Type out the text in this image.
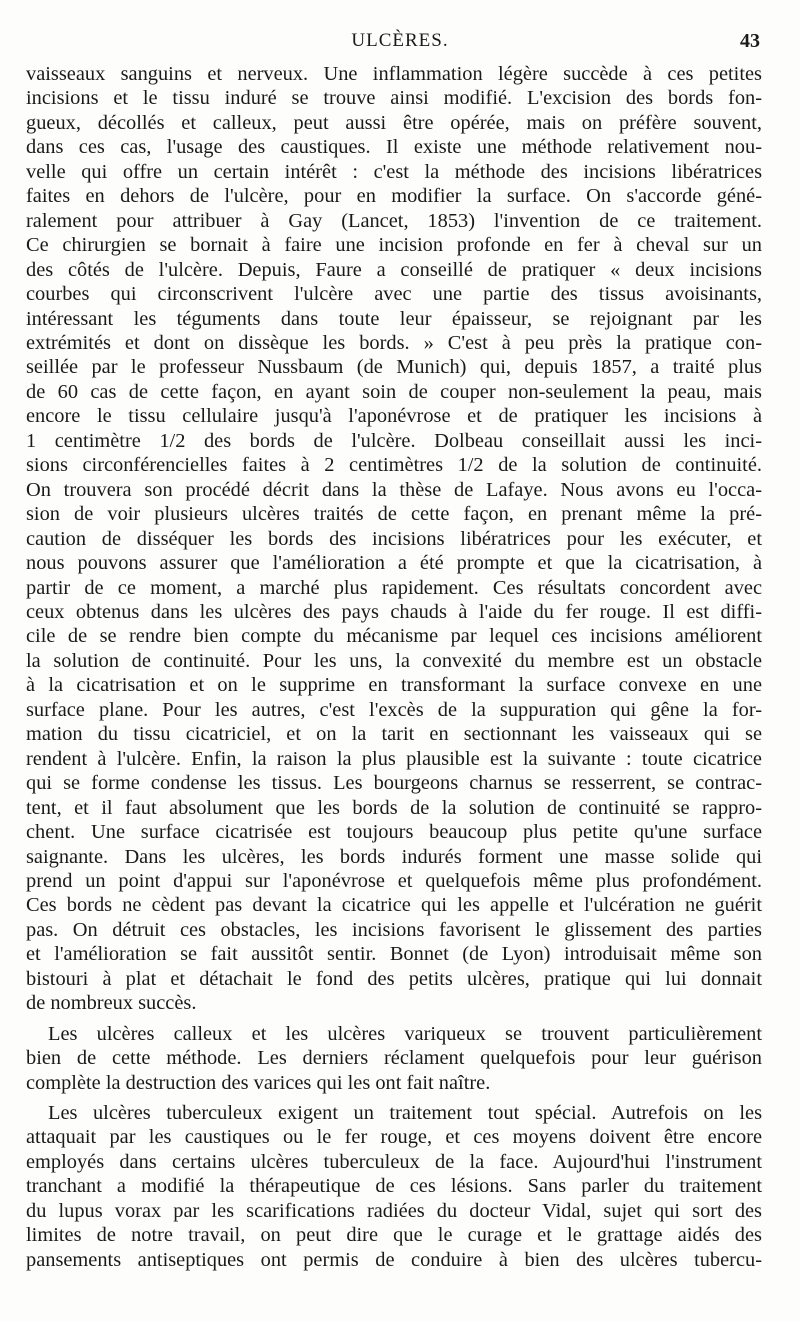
ULCÈRES.	43
vaisseaux sanguins et nerveux. Une inflammation légère succède à ces petites
incisions et le tissu induré se trouve ainsi modifié. L'excision des bords fon-
gueux, décollés et calleux, peut aussi être opérée, mais on préfère souvent,
dans ces cas, l'usage des caustiques. Il existe une méthode relativement nou-
velle qui offre un certain intérêt : c'est la méthode des incisions libératrices
faites en dehors de l'ulcère, pour en modifier la surface. On s'accorde géné-
ralement pour attribuer à Gay (Lancet, 1853) l'invention de ce traitement.
Ce chirurgien se bornait à faire une incision profonde en fer à cheval sur un
des côtés de l'ulcère. Depuis, Faure a conseillé de pratiquer « deux incisions
courbes qui circonscrivent l'ulcère avec une partie des tissus avoisinants,
intéressant les téguments dans toute leur épaisseur, se rejoignant par les
extrémités et dont on dissèque les bords. » C'est à peu près la pratique con-
seillée par le professeur Nussbaum (de Munich) qui, depuis 1857, a traité plus
de 60 cas de cette façon, en ayant soin de couper non-seulement la peau, mais
encore le tissu cellulaire jusqu'à l'aponévrose et de pratiquer les incisions à
1 centimètre 1/2 des bords de l'ulcère. Dolbeau conseillait aussi les inci-
sions circonférencielles faites à 2 centimètres 1/2 de la solution de continuité.
On trouvera son procédé décrit dans la thèse de Lafaye. Nous avons eu l'occa-
sion de voir plusieurs ulcères traités de cette façon, en prenant même la pré-
caution de disséquer les bords des incisions libératrices pour les exécuter, et
nous pouvons assurer que l'amélioration a été prompte et que la cicatrisation, à
partir de ce moment, a marché plus rapidement. Ces résultats concordent avec
ceux obtenus dans les ulcères des pays chauds à l'aide du fer rouge. Il est diffi-
cile de se rendre bien compte du mécanisme par lequel ces incisions améliorent
la solution de continuité. Pour les uns, la convexité du membre est un obstacle
à la cicatrisation et on le supprime en transformant la surface convexe en une
surface plane. Pour les autres, c'est l'excès de la suppuration qui gêne la for-
mation du tissu cicatriciel, et on la tarit en sectionnant les vaisseaux qui se
rendent à l'ulcère. Enfin, la raison la plus plausible est la suivante : toute cicatrice
qui se forme condense les tissus. Les bourgeons charnus se resserrent, se contrac-
tent, et il faut absolument que les bords de la solution de continuité se rappro-
chent. Une surface cicatrisée est toujours beaucoup plus petite qu'une surface
saignante. Dans les ulcères, les bords indurés forment une masse solide qui
prend un point d'appui sur l'aponévrose et quelquefois même plus profondément.
Ces bords ne cèdent pas devant la cicatrice qui les appelle et l'ulcération ne guérit
pas. On détruit ces obstacles, les incisions favorisent le glissement des parties
et l'amélioration se fait aussitôt sentir. Bonnet (de Lyon) introduisait même son
bistouri à plat et détachait le fond des petits ulcères, pratique qui lui donnait
de nombreux succès.
Les ulcères calleux et les ulcères variqueux se trouvent particulièrement
bien de cette méthode. Les derniers réclament quelquefois pour leur guérison
complète la destruction des varices qui les ont fait naître.
Les ulcères tuberculeux exigent un traitement tout spécial. Autrefois on les
attaquait par les caustiques ou le fer rouge, et ces moyens doivent être encore
employés dans certains ulcères tuberculeux de la face. Aujourd'hui l'instrument
tranchant a modifié la thérapeutique de ces lésions. Sans parler du traitement
du lupus vorax par les scarifications radiées du docteur Vidal, sujet qui sort des
limites de notre travail, on peut dire que le curage et le grattage aidés des
pansements antiseptiques ont permis de conduire à bien des ulcères tubercu-
